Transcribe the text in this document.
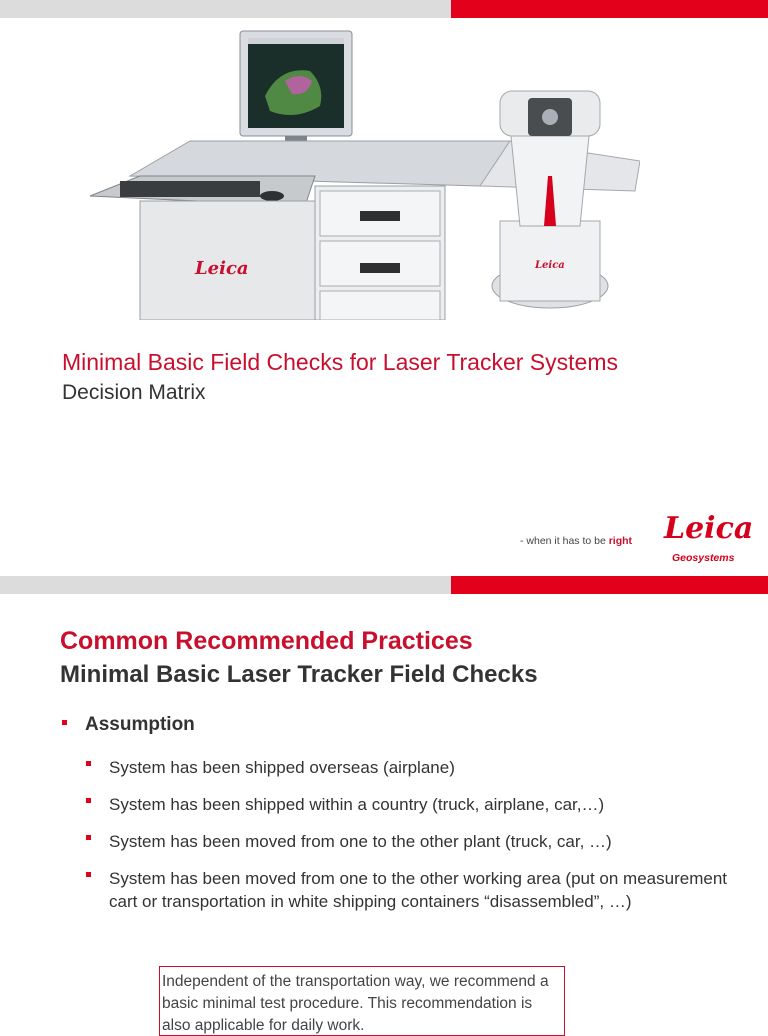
Leica	Leica
Minimal Basic Field Checks for Laser Tracker Systems
Decision Matrix
- when it has to be right Leica
Geosystems
Common Recommended Practices
Minimal Basic Laser Tracker Field Checks
Assumption
System has been shipped overseas (airplane)
System has been shipped within a country (truck, airplane, car,…)
System has been moved from one to the other plant (truck, car, …)
System has been moved from one to the other working area (put on measurement cart or transportation in white shipping containers “disassembled”, …)
Independent of the transportation way, we recommend a basic minimal test procedure. This recommendation is also applicable for daily work.
